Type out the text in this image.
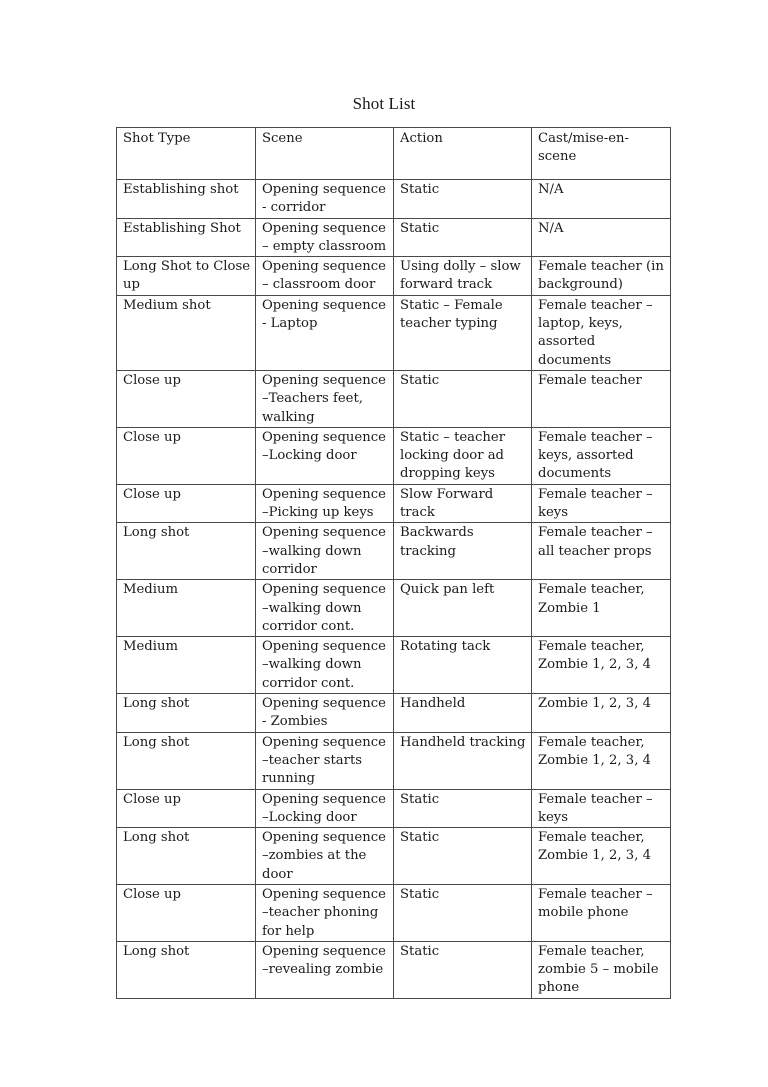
Shot List
Shot Type	Scene	Action	Cast/mise-en-
scene

Establishing shot	Opening sequence
- corridor	Static	N/A

Establishing Shot	Opening sequence
– empty classroom	Static	N/A

Long Shot to Close
up	Opening sequence
– classroom door	Using dolly – slow
forward track	Female teacher (in
background)

Medium shot	Opening sequence
- Laptop	Static – Female
teacher typing	Female teacher –
laptop, keys,
assorted
documents

Close up	Opening sequence
–Teachers feet,
walking	Static	Female teacher

Close up	Opening sequence
–Locking door	Static – teacher
locking door ad
dropping keys	Female teacher –
keys, assorted
documents

Close up	Opening sequence
–Picking up keys	Slow Forward
track	Female teacher –
keys

Long shot	Opening sequence
–walking down
corridor	Backwards
tracking	Female teacher –
all teacher props

Medium	Opening sequence
–walking down
corridor cont.	Quick pan left	Female teacher,
Zombie 1

Medium	Opening sequence
–walking down
corridor cont.	Rotating tack	Female teacher,
Zombie 1, 2, 3, 4

Long shot	Opening sequence
- Zombies	Handheld	Zombie 1, 2, 3, 4

Long shot	Opening sequence
–teacher starts
running	Handheld tracking	Female teacher,
Zombie 1, 2, 3, 4

Close up	Opening sequence
–Locking door	Static	Female teacher –
keys

Long shot	Opening sequence
–zombies at the
door	Static	Female teacher,
Zombie 1, 2, 3, 4

Close up	Opening sequence
–teacher phoning
for help	Static	Female teacher –
mobile phone

Long shot	Opening sequence
–revealing zombie	Static	Female teacher,
zombie 5 – mobile
phone
